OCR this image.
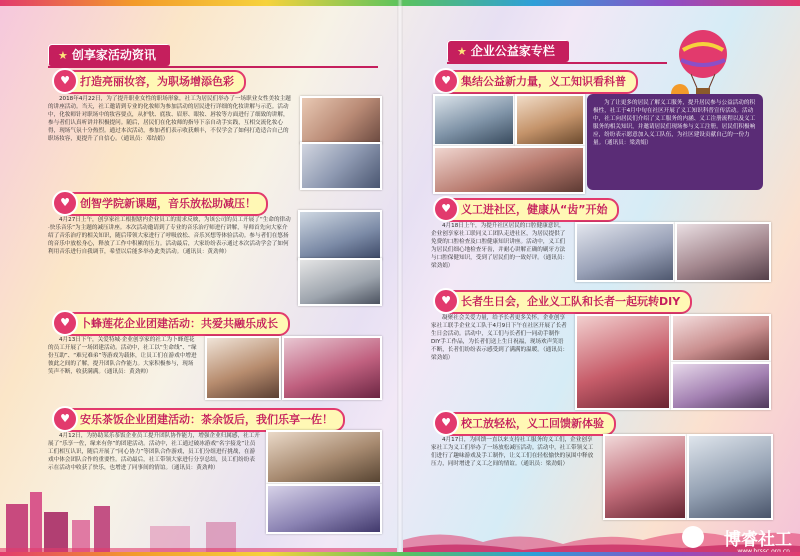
★ 创享家活动资讯
♥ 打造亮丽妆容，为职场增添色彩
2018年4月22日，为了提升职业女性的职场形象，社工为居民们举办了一场职业女性美妆主题的讲座活动。当天，社工邀请到专业的化妆师为参加活动的居民进行详细的化妆讲解与示范。活动中，化妆师针对职场中的妆容要点，从护肤、底妆、眉形、眼妆、唇妆等方面进行了细致的讲解，参与者们认真听讲并积极提问。随后，居民们在化妆师的指导下亲自动手实践，互相交流化妆心得，现场气氛十分热烈。通过本次活动，参加者们表示收获颇丰，不仅学会了如何打造适合自己的职场妆容，更提升了自信心。（通讯员：邓结娟）
♥ 创智学院新课题，音乐放松助减压！
4月27日上午，创享家社工根据辖内企业员工的需求反映，为该公司的员工开展了“生命的律动·快乐音乐”为主题的减压讲座。本次活动邀请到了专业的音乐治疗师进行讲解，导师首先向大家介绍了音乐治疗的相关知识，随后带领大家进行了呼吸放松、音乐冥想等体验活动。参与者们在悠扬的音乐中放松身心，释放了工作中积累的压力。活动最后，大家纷纷表示通过本次活动学会了如何利用音乐进行自我调节，希望以后能多举办此类活动。（通讯员：黄劲帅）
♥ 卜蜂莲花企业团建活动：共爱共融乐成长
4月13日下午，关爱特城·企业创享家的社工为卜蜂莲花的员工开展了一场团建活动。活动中，社工以“生命线”、“缘份互助”、“难兄难弟”等游戏为载体，让员工们在游戏中增进彼此之间的了解，提升团队合作能力。大家积极参与，现场笑声不断，收获满满。（通讯员：黄劲帅）
♥ 安乐茶饭企业团建活动：茶余饭后，我们乐享一佐！
4月12日，为协助某乐茶饭企业员工提升团队协作能力，增强企业归属感，社工开展了“乐享一佐，缘来有你”的团建活动。活动中，社工通过破冰游戏“名字接龙”让员工们相互认识，随后开展了“同心协力”等团队合作游戏，员工们分组进行挑战，在游戏中体会团队合作的重要性。活动最后，社工带领大家进行分享总结，员工们纷纷表示在活动中收获了快乐，也增进了同事间的情谊。（通讯员：黄劲帅）
★ 企业公益家专栏
♥ 集结公益新力量，义工知识看科普
为了让更多的居民了解义工服务，提升居民参与公益活动的积极性，社工于4月中旬在社区开展了义工知识科普宣传活动。活动中，社工向居民们介绍了义工服务的内涵、义工注册流程以及义工服务的相关知识，并邀请居民们现场参与义工注册。居民们积极响应，纷纷表示愿意加入义工队伍，为社区建设贡献自己的一份力量。（通讯员：梁劲娟）
♥ 义工进社区，健康从“齿”开始
4月18日上午，为提升社区居民的口腔健康意识，企业创享家社工联同义工团队走进社区，为居民提供了免费的口腔检查及口腔健康知识讲座。活动中，义工们为居民们细心地检查牙齿，并耐心讲解正确的刷牙方法与口腔保健知识，受到了居民们的一致好评。（通讯员：梁劲娟）
♥ 长者生日会，企业义工队和长者一起玩转DIY
凝聚社会关爱力量，给予长者更多关怀。企业创享家社工联手企业义工队于4月9日下午在社区开展了长者生日会活动。活动中，义工们与长者们一同动手制作DIY手工作品，为长者们送上生日祝福，现场欢声笑语不断，长者们纷纷表示感受到了满满的温暖。（通讯员：梁劲娟）
♥ 校工放轻松，义工回馈新体验
4月17日，为回馈一直以来支持社工服务的义工们，企业创享家社工为义工们举办了一场放松减压活动。活动中，社工带领义工们进行了趣味游戏及手工制作，让义工们在轻松愉快的氛围中释放压力，同时增进了义工之间的情谊。（通讯员：梁劲娟）
博睿社工
